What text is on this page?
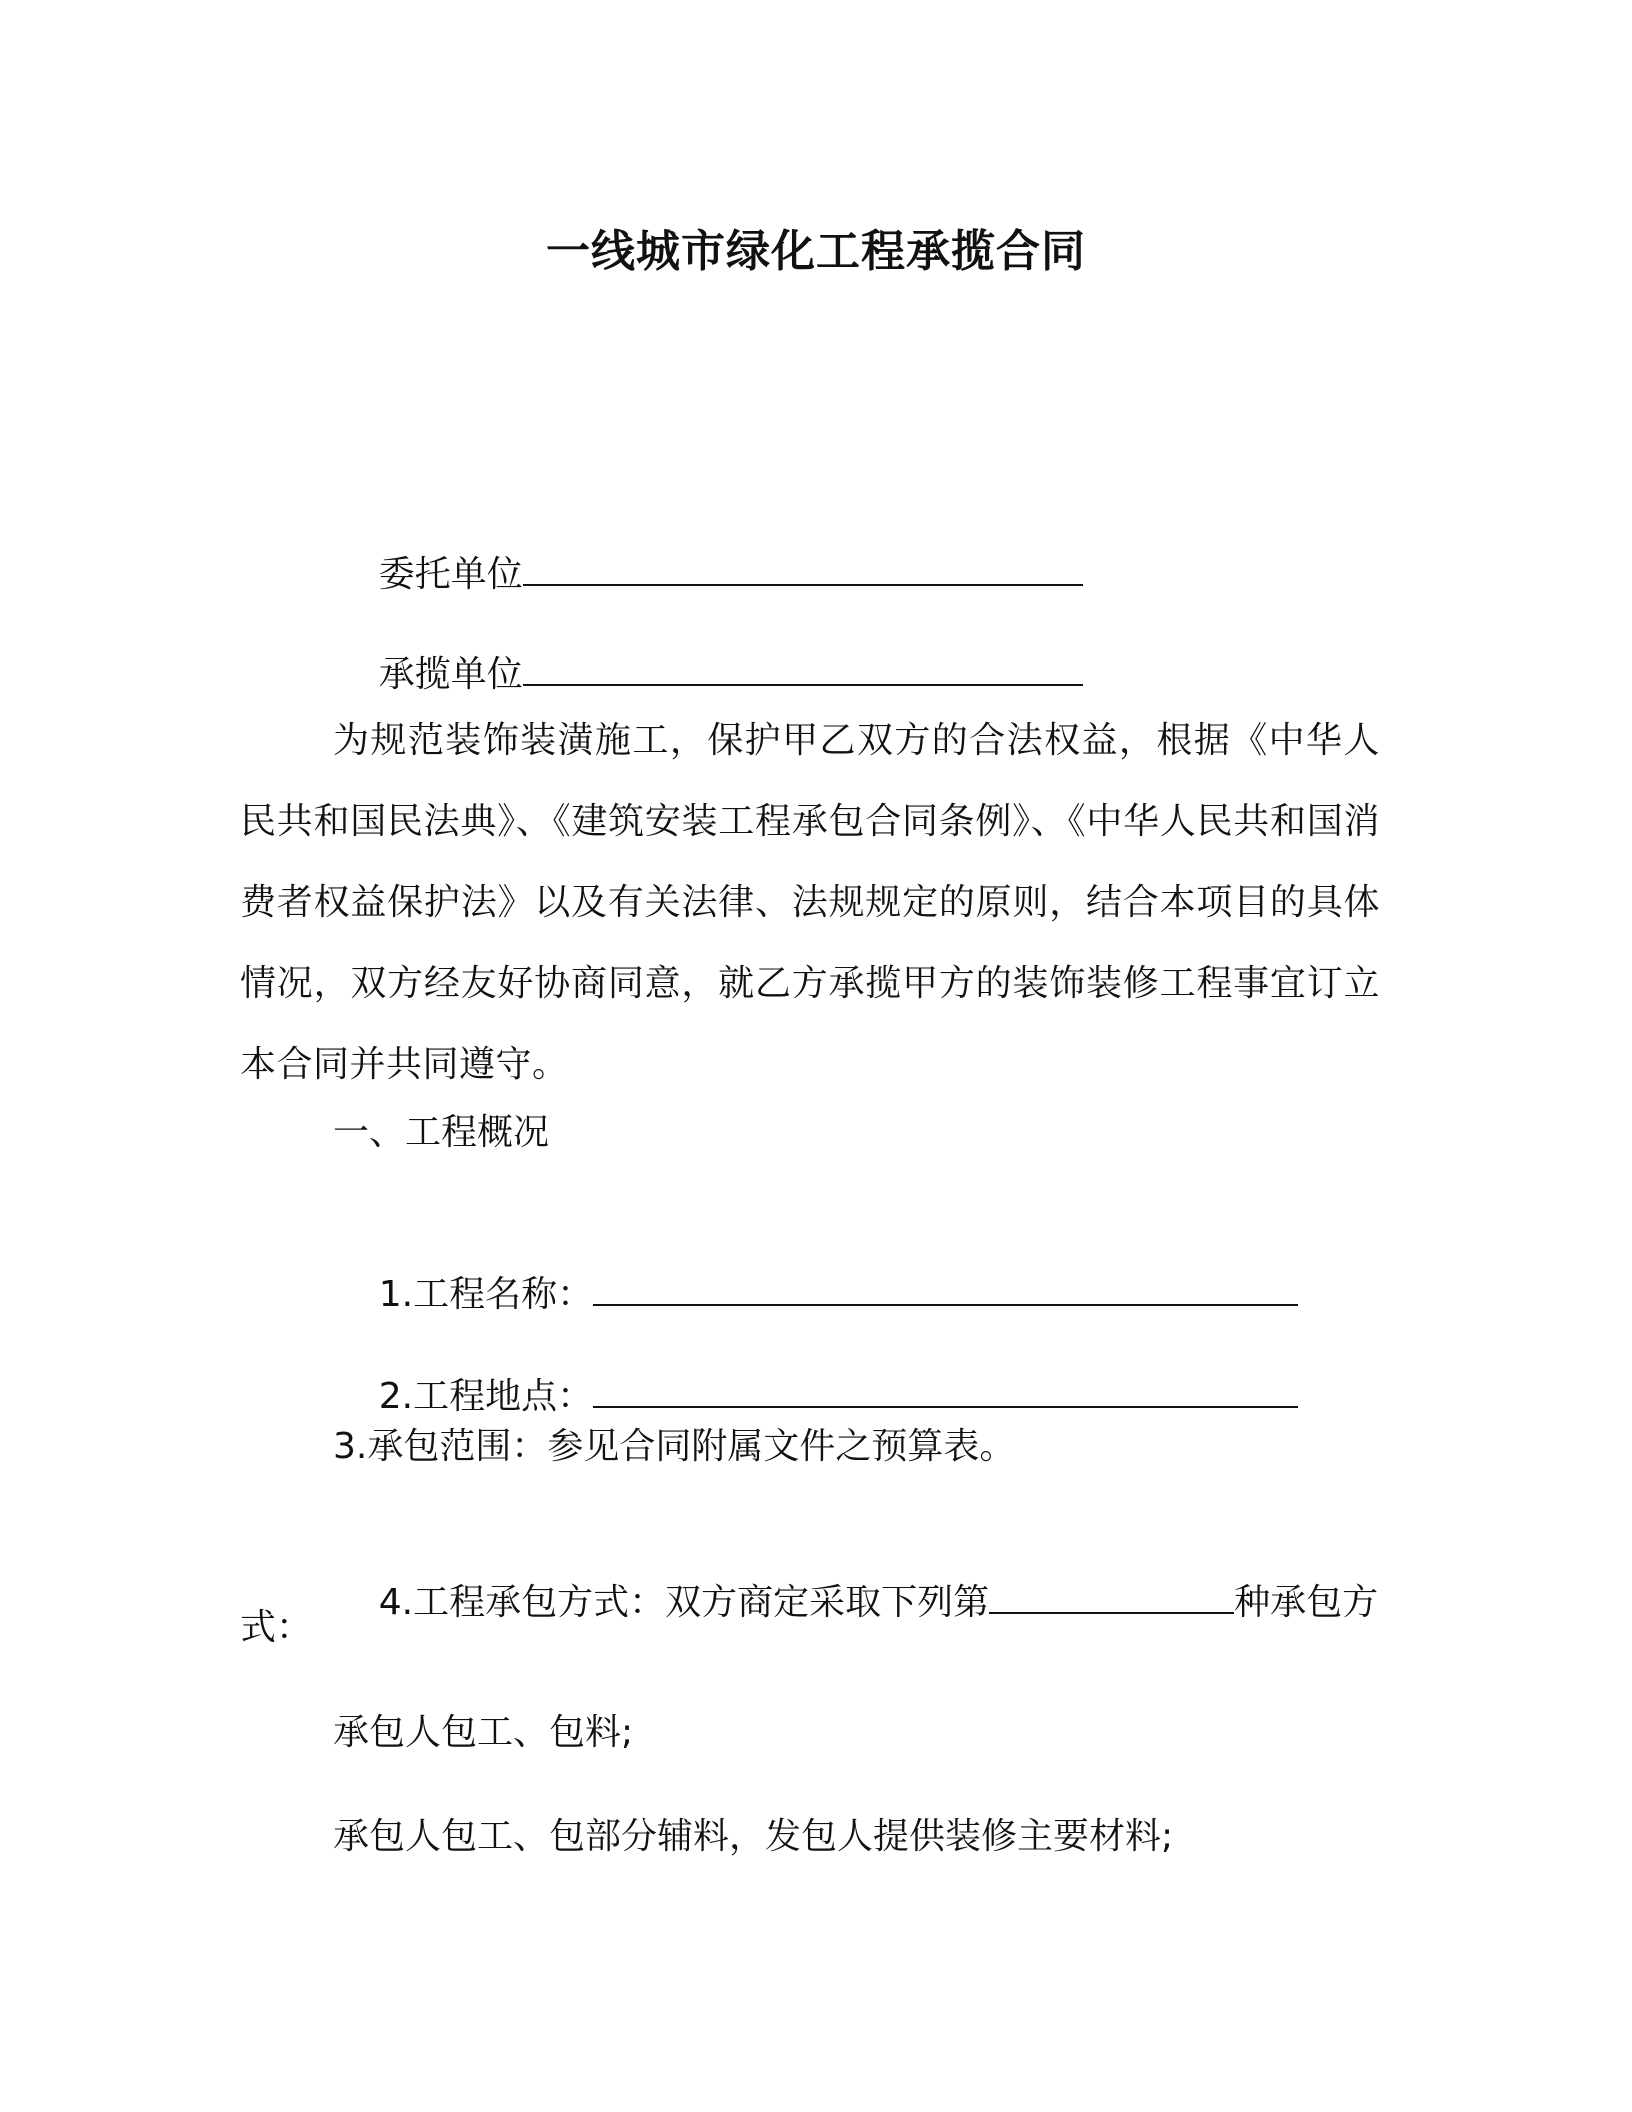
一线城市绿化工程承揽合同

委托单位

承揽单位

为规范装饰装潢施工，保护甲乙双方的合法权益，根据《中华人民共和国民法典》、《建筑安装工程承包合同条例》、《中华人民共和国消费者权益保护法》以及有关法律、法规规定的原则，结合本项目的具体情况，双方经友好协商同意，就乙方承揽甲方的装饰装修工程事宜订立本合同并共同遵守。
一、工程概况

1.工程名称：

2.工程地点：

3.承包范围：参见合同附属文件之预算表。

4.工程承包方式：双方商定采取下列第	种承包方

式：
承包人包工、包料;
承包人包工、包部分辅料，发包人提供装修主要材料;
